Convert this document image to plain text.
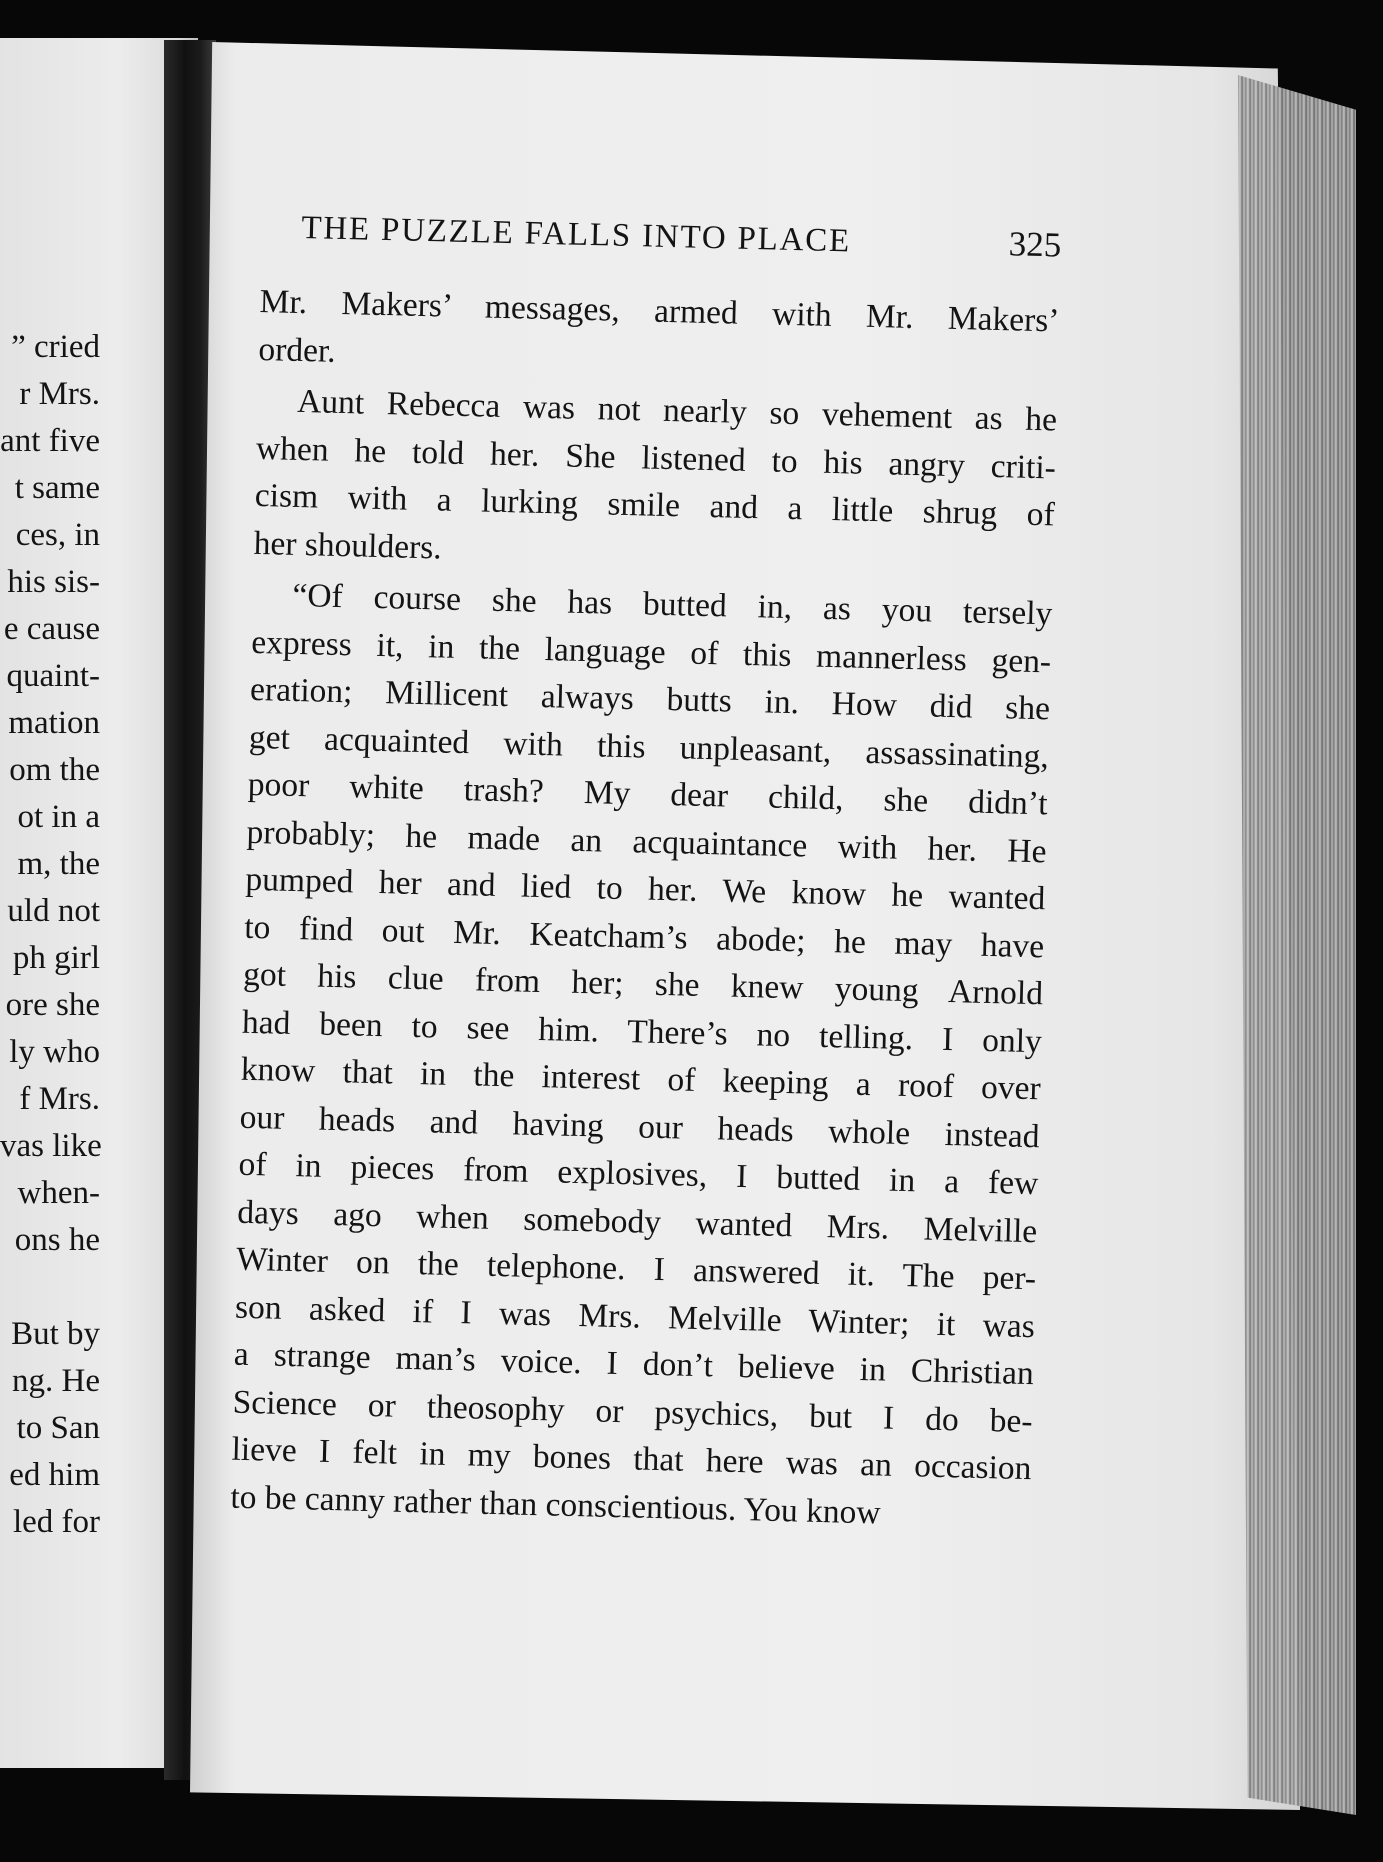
” cried
r Mrs.
ant five
t same
ces, in
his sis-
e cause
quaint-
mation
om the
ot in a
m, the
uld not
ph girl
ore she
ly who
f Mrs.
vas like
when-
ons he
But by
ng. He
to San
ed him
led for
THE PUZZLE FALLS INTO PLACE	325

Mr. Makers’ messages, armed with Mr. Makers’
order.

Aunt Rebecca was not nearly so vehement as he
when he told her. She listened to his angry criti-
cism with a lurking smile and a little shrug of
her shoulders.

“Of course she has butted in, as you tersely
express it, in the language of this mannerless gen-
eration; Millicent always butts in. How did she
get acquainted with this unpleasant, assassinating,
poor white trash? My dear child, she didn’t
probably; he made an acquaintance with her. He
pumped her and lied to her. We know he wanted
to find out Mr. Keatcham’s abode; he may have
got his clue from her; she knew young Arnold
had been to see him. There’s no telling. I only
know that in the interest of keeping a roof over
our heads and having our heads whole instead
of in pieces from explosives, I butted in a few
days ago when somebody wanted Mrs. Melville
Winter on the telephone. I answered it. The per-
son asked if I was Mrs. Melville Winter; it was
a strange man’s voice. I don’t believe in Christian
Science or theosophy or psychics, but I do be-
lieve I felt in my bones that here was an occasion
to be canny rather than conscientious. You know
